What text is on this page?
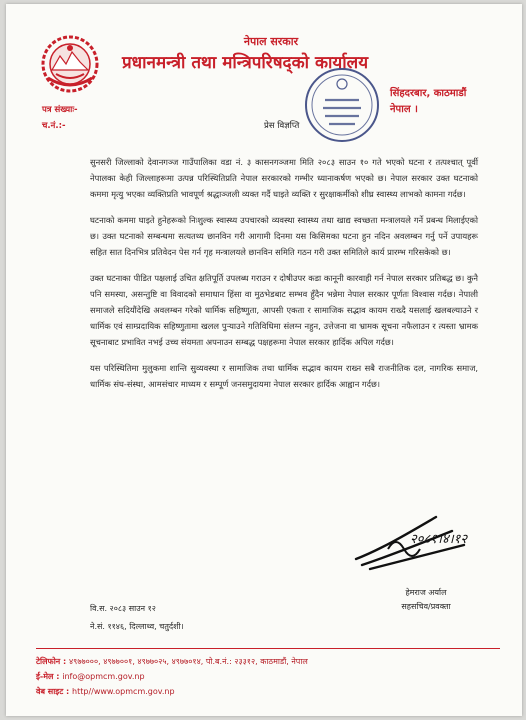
नेपाल सरकार
प्रधानमन्त्री तथा मन्त्रिपरिषद्को कार्यालय
सिंहदरबार, काठमाडौं
नेपाल ।
पत्र संख्याः-
च.नं.:-	प्रेस विज्ञप्ति

सुनसरी जिल्लाको देवानगञ्ज गाउँपालिका वडा नं. ३ कासनगञ्जमा मिति २०८३ साउन १० गते भएको घटना र तत्पश्चात् पूर्वी नेपालका केही जिल्लाहरूमा उत्पन्न परिस्थितिप्रति नेपाल सरकारको गम्भीर ध्यानाकर्षण भएको छ। नेपाल सरकार उक्त घटनाको कममा मृत्यु भएका व्यक्तिप्रति भावपूर्ण श्रद्धाञ्जली व्यक्त गर्दै घाइते व्यक्ति र सुरक्षाकर्मीको शीघ्र स्वास्थ्य लाभको कामना गर्दछ।

घटनाको कममा घाइते हुनेहरूको निःशुल्क स्वास्थ्य उपचारको व्यवस्था स्वास्थ्य तथा खाद्य स्वच्छता मन्त्रालयले गर्ने प्रबन्ध मिलाईएको छ। उक्त घटनाको सम्बन्धमा सत्यतथ्य छानविन गरी आगामी दिनमा यस किसिमका घटना हुन नदिन अवलम्बन गर्नु पर्ने उपायहरू सहित सात दिनभित्र प्रतिवेदन पेस गर्न गृह मन्त्रालयले छानविन समिति गठन गरी उक्त समितिले कार्य प्रारम्भ गरिसकेको छ।

उक्त घटनाका पीडित पक्षलाई उचित क्षतिपूर्ति उपलब्ध गराउन र दोषीउपर कडा कानूनी कारवाही गर्न नेपाल सरकार प्रतिबद्ध छ। कुनै पनि समस्या, असन्तुष्टि वा विवादको समाधान हिंसा वा मुठभेडबाट सम्भव हुँदैन भन्नेमा नेपाल सरकार पूर्णतः विश्वास गर्दछ। नेपाली समाजले सदियौंदेखि अवलम्बन गरेको धार्मिक सहिष्णुता, आपसी एकता र सामाजिक सद्भाव कायम राख्दै यसलाई खलबल्याउने र धार्मिक एवं साम्प्रदायिक सहिष्णुतामा खलल पुऱ्याउने गतिविधिमा संलग्न नहुन, उत्तेजना वा भ्रामक सूचना नफैलाउन र त्यस्ता भ्रामक सूचनाबाट प्रभावित नभई उच्च संयमता अपनाउन सम्बद्ध पक्षहरूमा नेपाल सरकार हार्दिक अपिल गर्दछ।

यस परिस्थितिमा मुलुकमा शान्ति सुव्यवस्था र सामाजिक तथा धार्मिक सद्भाव कायम राख्न सबै राजनीतिक दल, नागरिक समाज, धार्मिक संघ-संस्था, आमसंचार माध्यम र सम्पूर्ण जनसमुदायमा नेपाल सरकार हार्दिक आह्वान गर्दछ।

२०८१।४।१२
हेमराज अर्याल
सहसचिव/प्रवक्ता
वि.स. २०८३ साउन १२
ने.सं. ११४६, दिल्लाथ्व, चतुर्दशी।
टेलिफोन : ४९७७०००, ४९७७००१, ४९७७०२५, ४९७७०१४, पो.ब.नं.: २३३१२, काठमाडौं, नेपाल
ई-मेल : info@opmcm.gov.np
वेब साइट : http//www.opmcm.gov.np
